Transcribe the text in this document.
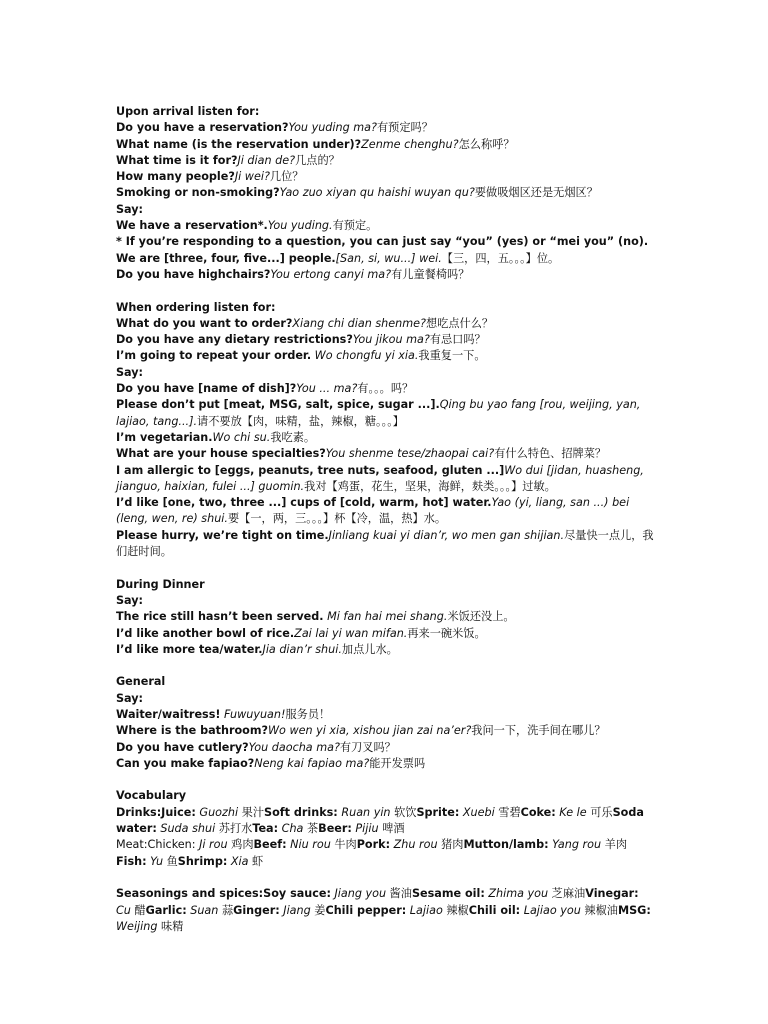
Upon arrival listen for:
Do you have a reservation?You yuding ma?有预定吗？
What name (is the reservation under)?Zenme chenghu?怎么称呼？
What time is it for?Ji dian de?几点的？
How many people?Ji wei?几位？
Smoking or non-smoking?Yao zuo xiyan qu haishi wuyan qu?要做吸烟区还是无烟区？
Say:
We have a reservation*.You yuding.有预定。
* If you’re responding to a question, you can just say “you” (yes) or “mei you” (no).
We are [three, four, five...] people.[San, si, wu...] wei.【三，四，五。。。】位。
Do you have highchairs?You ertong canyi ma?有儿童餐椅吗？
When ordering listen for:
What do you want to order?Xiang chi dian shenme?想吃点什么？
Do you have any dietary restrictions?You jikou ma?有忌口吗？
I’m going to repeat your order. Wo chongfu yi xia.我重复一下。
Say:
Do you have [name of dish]?You ... ma?有。。。吗？
Please don’t put [meat, MSG, salt, spice, sugar ...].Qing bu yao fang [rou, weijing, yan, lajiao, tang...].请不要放【肉，味精，盐，辣椒，糖。。。】
I’m vegetarian.Wo chi su.我吃素。
What are your house specialties?You shenme tese/zhaopai cai?有什么特色、招牌菜？
I am allergic to [eggs, peanuts, tree nuts, seafood, gluten ...]Wo dui [jidan, huasheng, jianguo, haixian, fulei ...] guomin.我对【鸡蛋，花生，坚果，海鲜，麸类。。。】过敏。
I’d like [one, two, three ...] cups of [cold, warm, hot] water.Yao (yi, liang, san ...) bei (leng, wen, re) shui.要【一，两，三。。。】杯【冷，温，热】水。
Please hurry, we’re tight on time.Jinliang kuai yi dian’r, wo men gan shijian.尽量快一点儿，我们赶时间。
During Dinner
Say:
The rice still hasn’t been served. Mi fan hai mei shang.米饭还没上。
I’d like another bowl of rice.Zai lai yi wan mifan.再来一碗米饭。
I’d like more tea/water.Jia dian’r shui.加点儿水。
General
Say:
Waiter/waitress! Fuwuyuan!服务员！
Where is the bathroom?Wo wen yi xia, xishou jian zai na’er?我问一下，洗手间在哪儿？
Do you have cutlery?You daocha ma?有刀叉吗？
Can you make fapiao?Neng kai fapiao ma?能开发票吗
Vocabulary
Drinks:Juice: Guozhi 果汁Soft drinks: Ruan yin 软饮Sprite: Xuebi 雪碧Coke: Ke le 可乐Soda water: Suda shui 苏打水Tea: Cha 茶Beer: Pijiu 啤酒
Meat:Chicken: Ji rou 鸡肉Beef: Niu rou 牛肉Pork: Zhu rou 猪肉Mutton/lamb: Yang rou 羊肉Fish: Yu 鱼Shrimp: Xia 虾
Seasonings and spices:Soy sauce: Jiang you 酱油Sesame oil: Zhima you 芝麻油Vinegar: Cu 醋Garlic: Suan 蒜Ginger: Jiang 姜Chili pepper: Lajiao 辣椒Chili oil: Lajiao you 辣椒油MSG: Weijing 味精
